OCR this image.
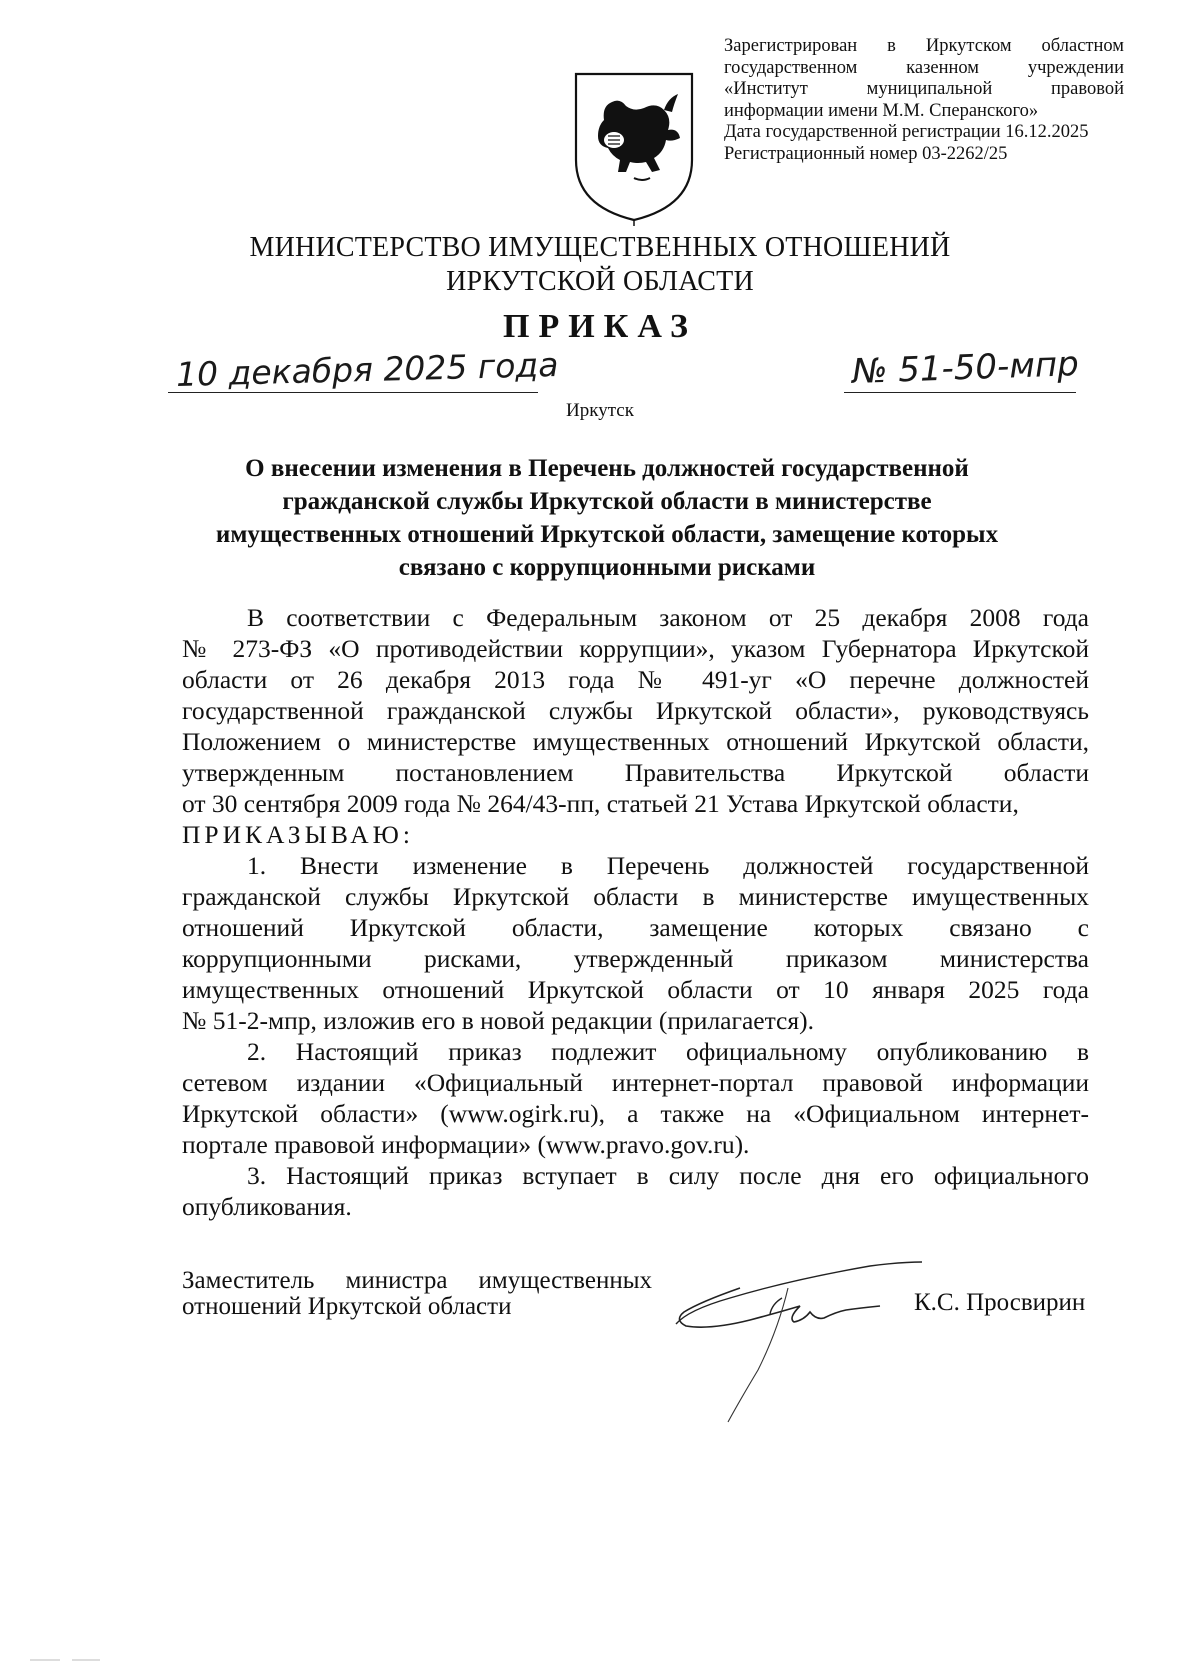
Зарегистрирован в Иркутском областном
государственном казенном учреждении
«Институт муниципальной правовой
информации имени М.М. Сперанского»
Дата государственной регистрации 16.12.2025
Регистрационный номер 03-2262/25
МИНИСТЕРСТВО ИМУЩЕСТВЕННЫХ ОТНОШЕНИЙ
ИРКУТСКОЙ ОБЛАСТИ
ПРИКАЗ
10 декабря 2025 года	№ 51-50-мпр
Иркутск
О внесении изменения в Перечень должностей государственной
гражданской службы Иркутской области в министерстве
имущественных отношений Иркутской области, замещение которых
связано с коррупционными рисками

В соответствии с Федеральным законом от 25 декабря 2008 года

№ 273-ФЗ «О противодействии коррупции», указом Губернатора Иркутской

области от 26 декабря 2013 года № 491-уг «О перечне должностей

государственной гражданской службы Иркутской области», руководствуясь

Положением о министерстве имущественных отношений Иркутской области,

утвержденным постановлением Правительства Иркутской области

от 30 сентября 2009 года № 264/43-пп, статьей 21 Устава Иркутской области,

ПРИКАЗЫВАЮ:

1. Внести изменение в Перечень должностей государственной

гражданской службы Иркутской области в министерстве имущественных

отношений Иркутской области, замещение которых связано с

коррупционными рисками, утвержденный приказом министерства

имущественных отношений Иркутской области от 10 января 2025 года

№ 51-2-мпр, изложив его в новой редакции (прилагается).

2. Настоящий приказ подлежит официальному опубликованию в

сетевом издании «Официальный интернет-портал правовой информации

Иркутской области» (www.ogirk.ru), а также на «Официальном интернет-

портале правовой информации» (www.pravo.gov.ru).

3. Настоящий приказ вступает в силу после дня его официального

опубликования.

Заместитель министра имущественных
отношений Иркутской области	К.С. Просвирин
